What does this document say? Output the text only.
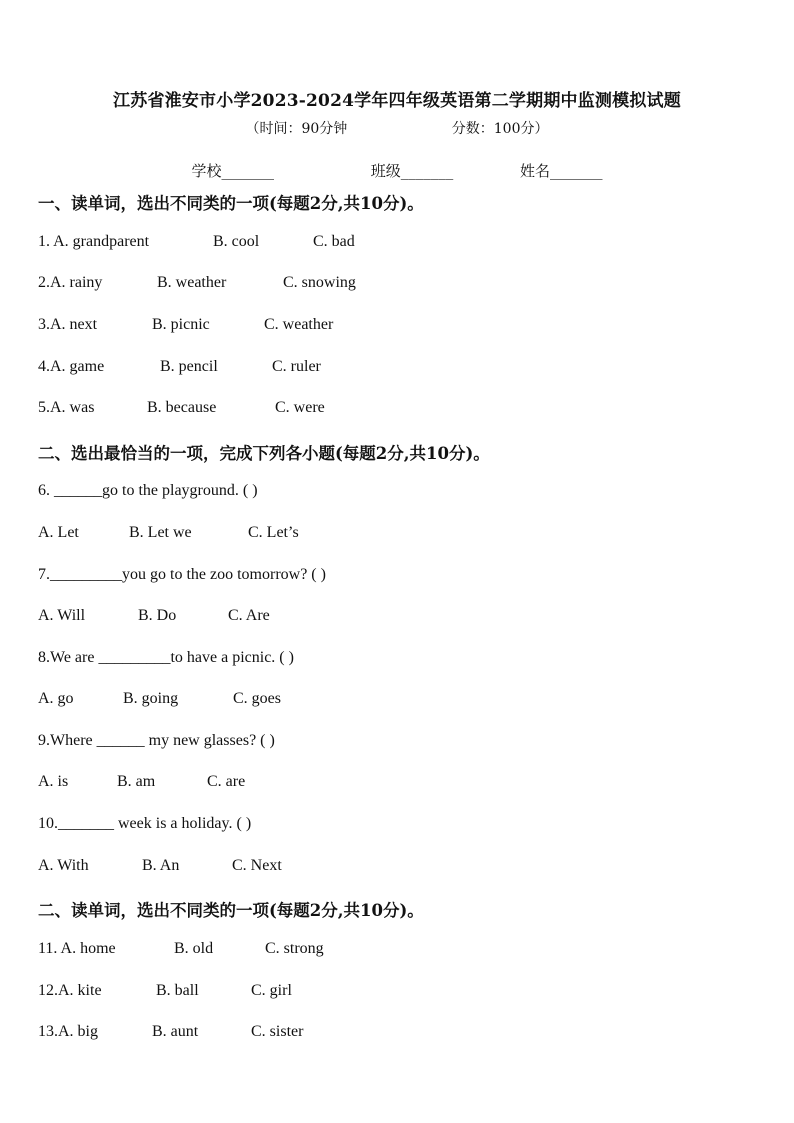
江苏省淮安市小学2023-2024学年四年级英语第二学期期中监测模拟试题
（时间：90分钟	分数：100分）
学校_______	班级_______	姓名_______
一、读单词，选出不同类的一项(每题2分,共10分)。
1. A. grandparent	B. cool	C. bad
2.A. rainy	B. weather	C. snowing
3.A. next	B. picnic	C. weather
4.A. game	B. pencil	C. ruler
5.A. was	B. because	C. were
二、选出最恰当的一项，完成下列各小题(每题2分,共10分)。
6. ______go to the playground. ( )
A. Let	B. Let we	C. Let’s
7._________you go to the zoo tomorrow? ( )
A. Will	B. Do	C. Are
8.We are _________to have a picnic. ( )
A. go	B. going	C. goes
9.Where ______ my new glasses? ( )
A. is	B. am	C. are
10._______ week is a holiday. ( )
A. With	B. An	C. Next
二、读单词，选出不同类的一项(每题2分,共10分)。
11. A. home	B. old	C. strong
12.A. kite	B. ball	C. girl
13.A. big	B. aunt	C. sister
